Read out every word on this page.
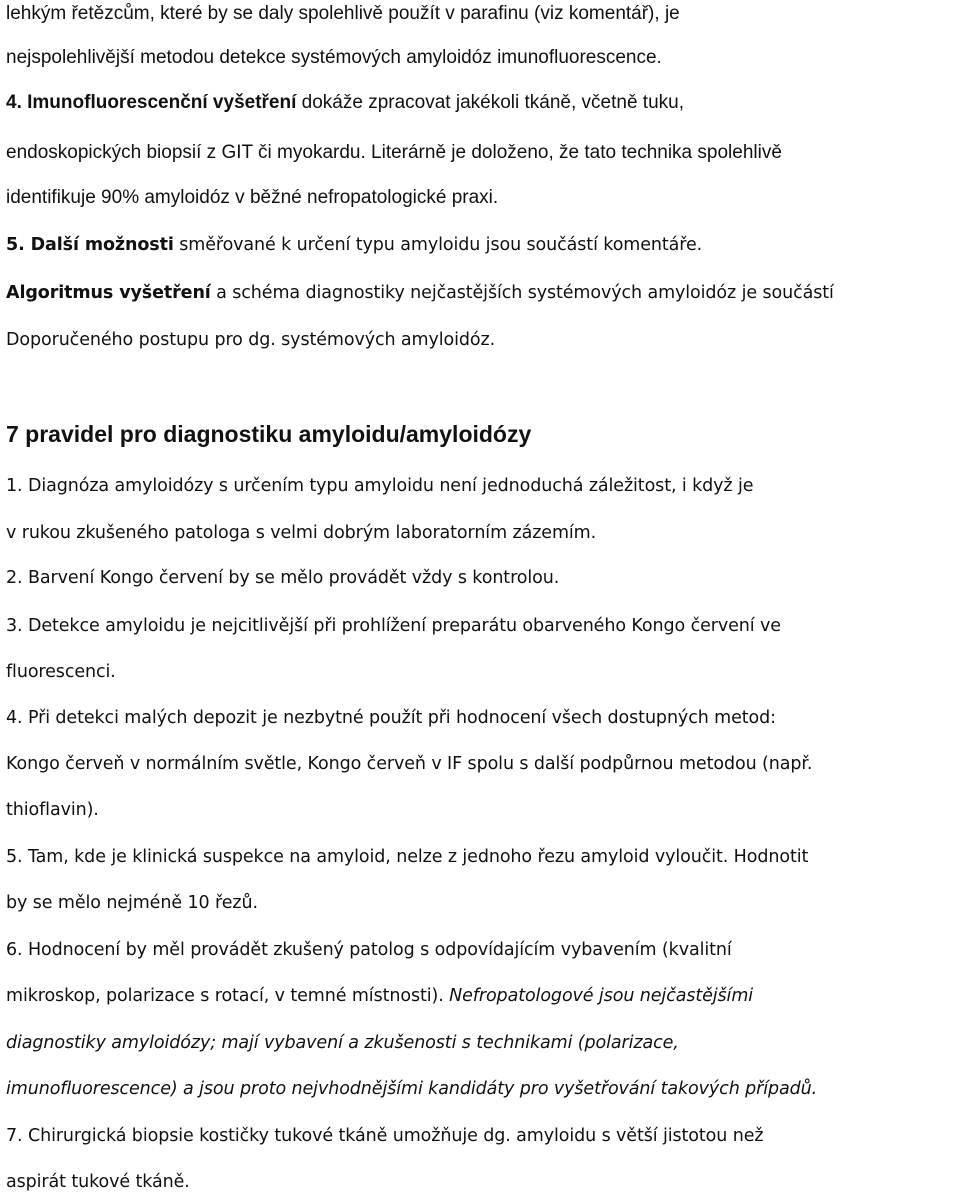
lehkým řetězcům, které by se daly spolehlivě použít v parafinu (viz komentář), je
nejspolehlivější metodou detekce systémových amyloidóz imunofluorescence.
4. Imunofluorescenční vyšetření dokáže zpracovat jakékoli tkáně, včetně tuku,
endoskopických biopsií z GIT či myokardu. Literárně je doloženo, že tato technika spolehlivě
identifikuje 90% amyloidóz v běžné nefropatologické praxi.
5. Další možnosti směřované k určení typu amyloidu jsou součástí komentáře.
Algoritmus vyšetření a schéma diagnostiky nejčastějších systémových amyloidóz je součástí
Doporučeného postupu pro dg. systémových amyloidóz.
7 pravidel pro diagnostiku amyloidu/amyloidózy
1. Diagnóza amyloidózy s určením typu amyloidu není jednoduchá záležitost, i když je
v rukou zkušeného patologa s velmi dobrým laboratorním zázemím.
2. Barvení Kongo červení by se mělo provádět vždy s kontrolou.
3. Detekce amyloidu je nejcitlivější při prohlížení preparátu obarveného Kongo červení ve
fluorescenci.
4. Při detekci malých depozit je nezbytné použít při hodnocení všech dostupných metod:
Kongo červeň v normálním světle, Kongo červeň v IF spolu s další podpůrnou metodou (např.
thioflavin).
5. Tam, kde je klinická suspekce na amyloid, nelze z jednoho řezu amyloid vyloučit. Hodnotit
by se mělo nejméně 10 řezů.
6. Hodnocení by měl provádět zkušený patolog s odpovídajícím vybavením (kvalitní
mikroskop, polarizace s rotací, v temné místnosti). Nefropatologové jsou nejčastějšími
diagnostiky amyloidózy; mají vybavení a zkušenosti s technikami (polarizace,
imunofluorescence) a jsou proto nejvhodnějšími kandidáty pro vyšetřování takových případů.
7. Chirurgická biopsie kostičky tukové tkáně umožňuje dg. amyloidu s větší jistotou než
aspirát tukové tkáně.
